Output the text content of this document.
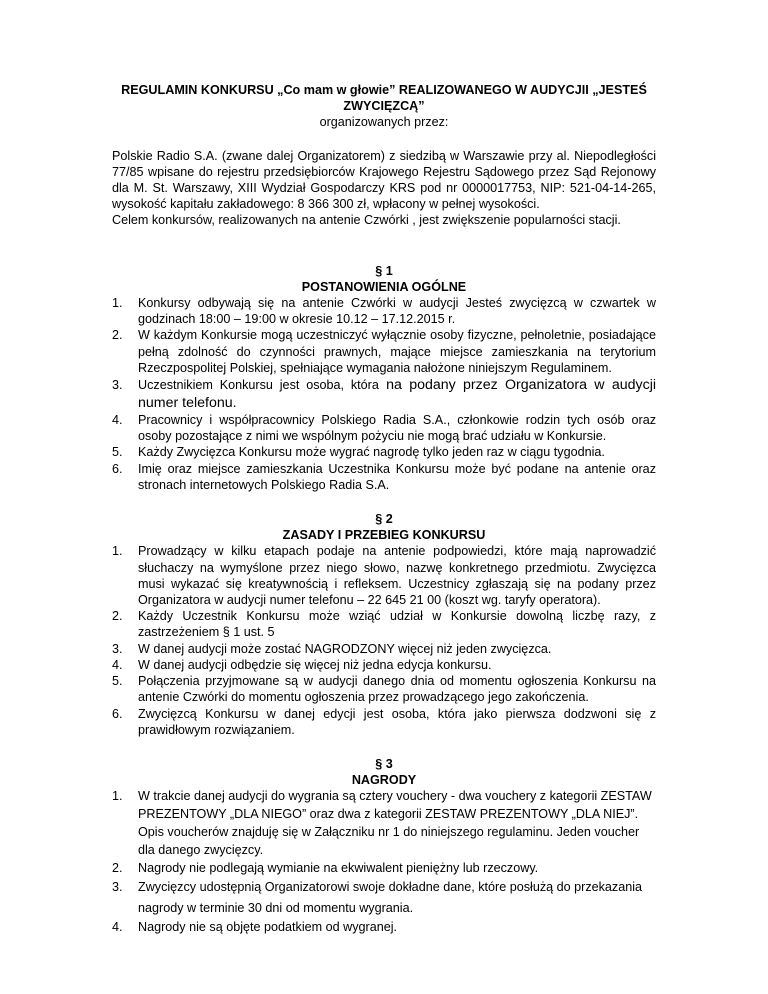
REGULAMIN KONKURSU „Co mam w głowie” REALIZOWANEGO W AUDYCJII „JESTEŚ ZWYCIĘZCĄ”

organizowanych przez:

Polskie Radio S.A. (zwane dalej Organizatorem) z siedzibą w Warszawie przy al. Niepodległości 77/85 wpisane do rejestru przedsiębiorców Krajowego Rejestru Sądowego przez Sąd Rejonowy dla M. St. Warszawy, XIII Wydział Gospodarczy KRS pod nr 0000017753, NIP: 521-04-14-265, wysokość kapitału zakładowego: 8 366 300 zł, wpłacony w pełnej wysokości.

Celem konkursów, realizowanych na antenie Czwórki , jest zwiększenie popularności stacji.

§ 1

POSTANOWIENIA OGÓLNE

1.	Konkursy odbywają się na antenie Czwórki w audycji Jesteś zwycięzcą w czwartek w godzinach 18:00 – 19:00 w okresie 10.12 – 17.12.2015 r.
2.	W każdym Konkursie mogą uczestniczyć wyłącznie osoby fizyczne, pełnoletnie, posiadające pełną zdolność do czynności prawnych, mające miejsce zamieszkania na terytorium Rzeczpospolitej Polskiej, spełniające wymagania nałożone niniejszym Regulaminem.
3.	Uczestnikiem Konkursu jest osoba, która na podany przez Organizatora w audycji numer telefonu.
4.	Pracownicy i współpracownicy Polskiego Radia S.A., członkowie rodzin tych osób oraz osoby pozostające z nimi we wspólnym pożyciu nie mogą brać udziału w Konkursie.
5.	Każdy Zwycięzca Konkursu może wygrać nagrodę tylko jeden raz w ciągu tygodnia.
6.	Imię oraz miejsce zamieszkania Uczestnika Konkursu może być podane na antenie oraz stronach internetowych Polskiego Radia S.A.

§ 2

ZASADY I PRZEBIEG KONKURSU

1.	Prowadzący w kilku etapach podaje na antenie podpowiedzi, które mają naprowadzić słuchaczy na wymyślone przez niego słowo, nazwę konkretnego przedmiotu. Zwycięzca musi wykazać się kreatywnością i refleksem. Uczestnicy zgłaszają się na podany przez Organizatora w audycji numer telefonu – 22 645 21 00 (koszt wg. taryfy operatora).
2.	Każdy Uczestnik Konkursu może wziąć udział w Konkursie dowolną liczbę razy, z zastrzeżeniem § 1 ust. 5
3.	W danej audycji może zostać NAGRODZONY więcej niż jeden zwycięzca.
4.	W danej audycji odbędzie się więcej niż jedna edycja konkursu.
5.	Połączenia przyjmowane są w audycji danego dnia od momentu ogłoszenia Konkursu na antenie Czwórki do momentu ogłoszenia przez prowadzącego jego zakończenia.
6.	Zwycięzcą Konkursu w danej edycji jest osoba, która jako pierwsza dodzwoni się z prawidłowym rozwiązaniem.

§ 3

NAGRODY

1.	W trakcie danej audycji do wygrania są cztery vouchery - dwa vouchery z kategorii ZESTAW PREZENTOWY „DLA NIEGO” oraz dwa z kategorii ZESTAW PREZENTOWY „DLA NIEJ”. Opis voucherów znajduję się w Załączniku nr 1 do niniejszego regulaminu. Jeden voucher dla danego zwycięzcy.
2.	Nagrody nie podlegają wymianie na ekwiwalent pieniężny lub rzeczowy.
3.	Zwycięzcy udostępnią Organizatorowi swoje dokładne dane, które posłużą do przekazania nagrody w terminie 30 dni od momentu wygrania.
4.	Nagrody nie są objęte podatkiem od wygranej.
